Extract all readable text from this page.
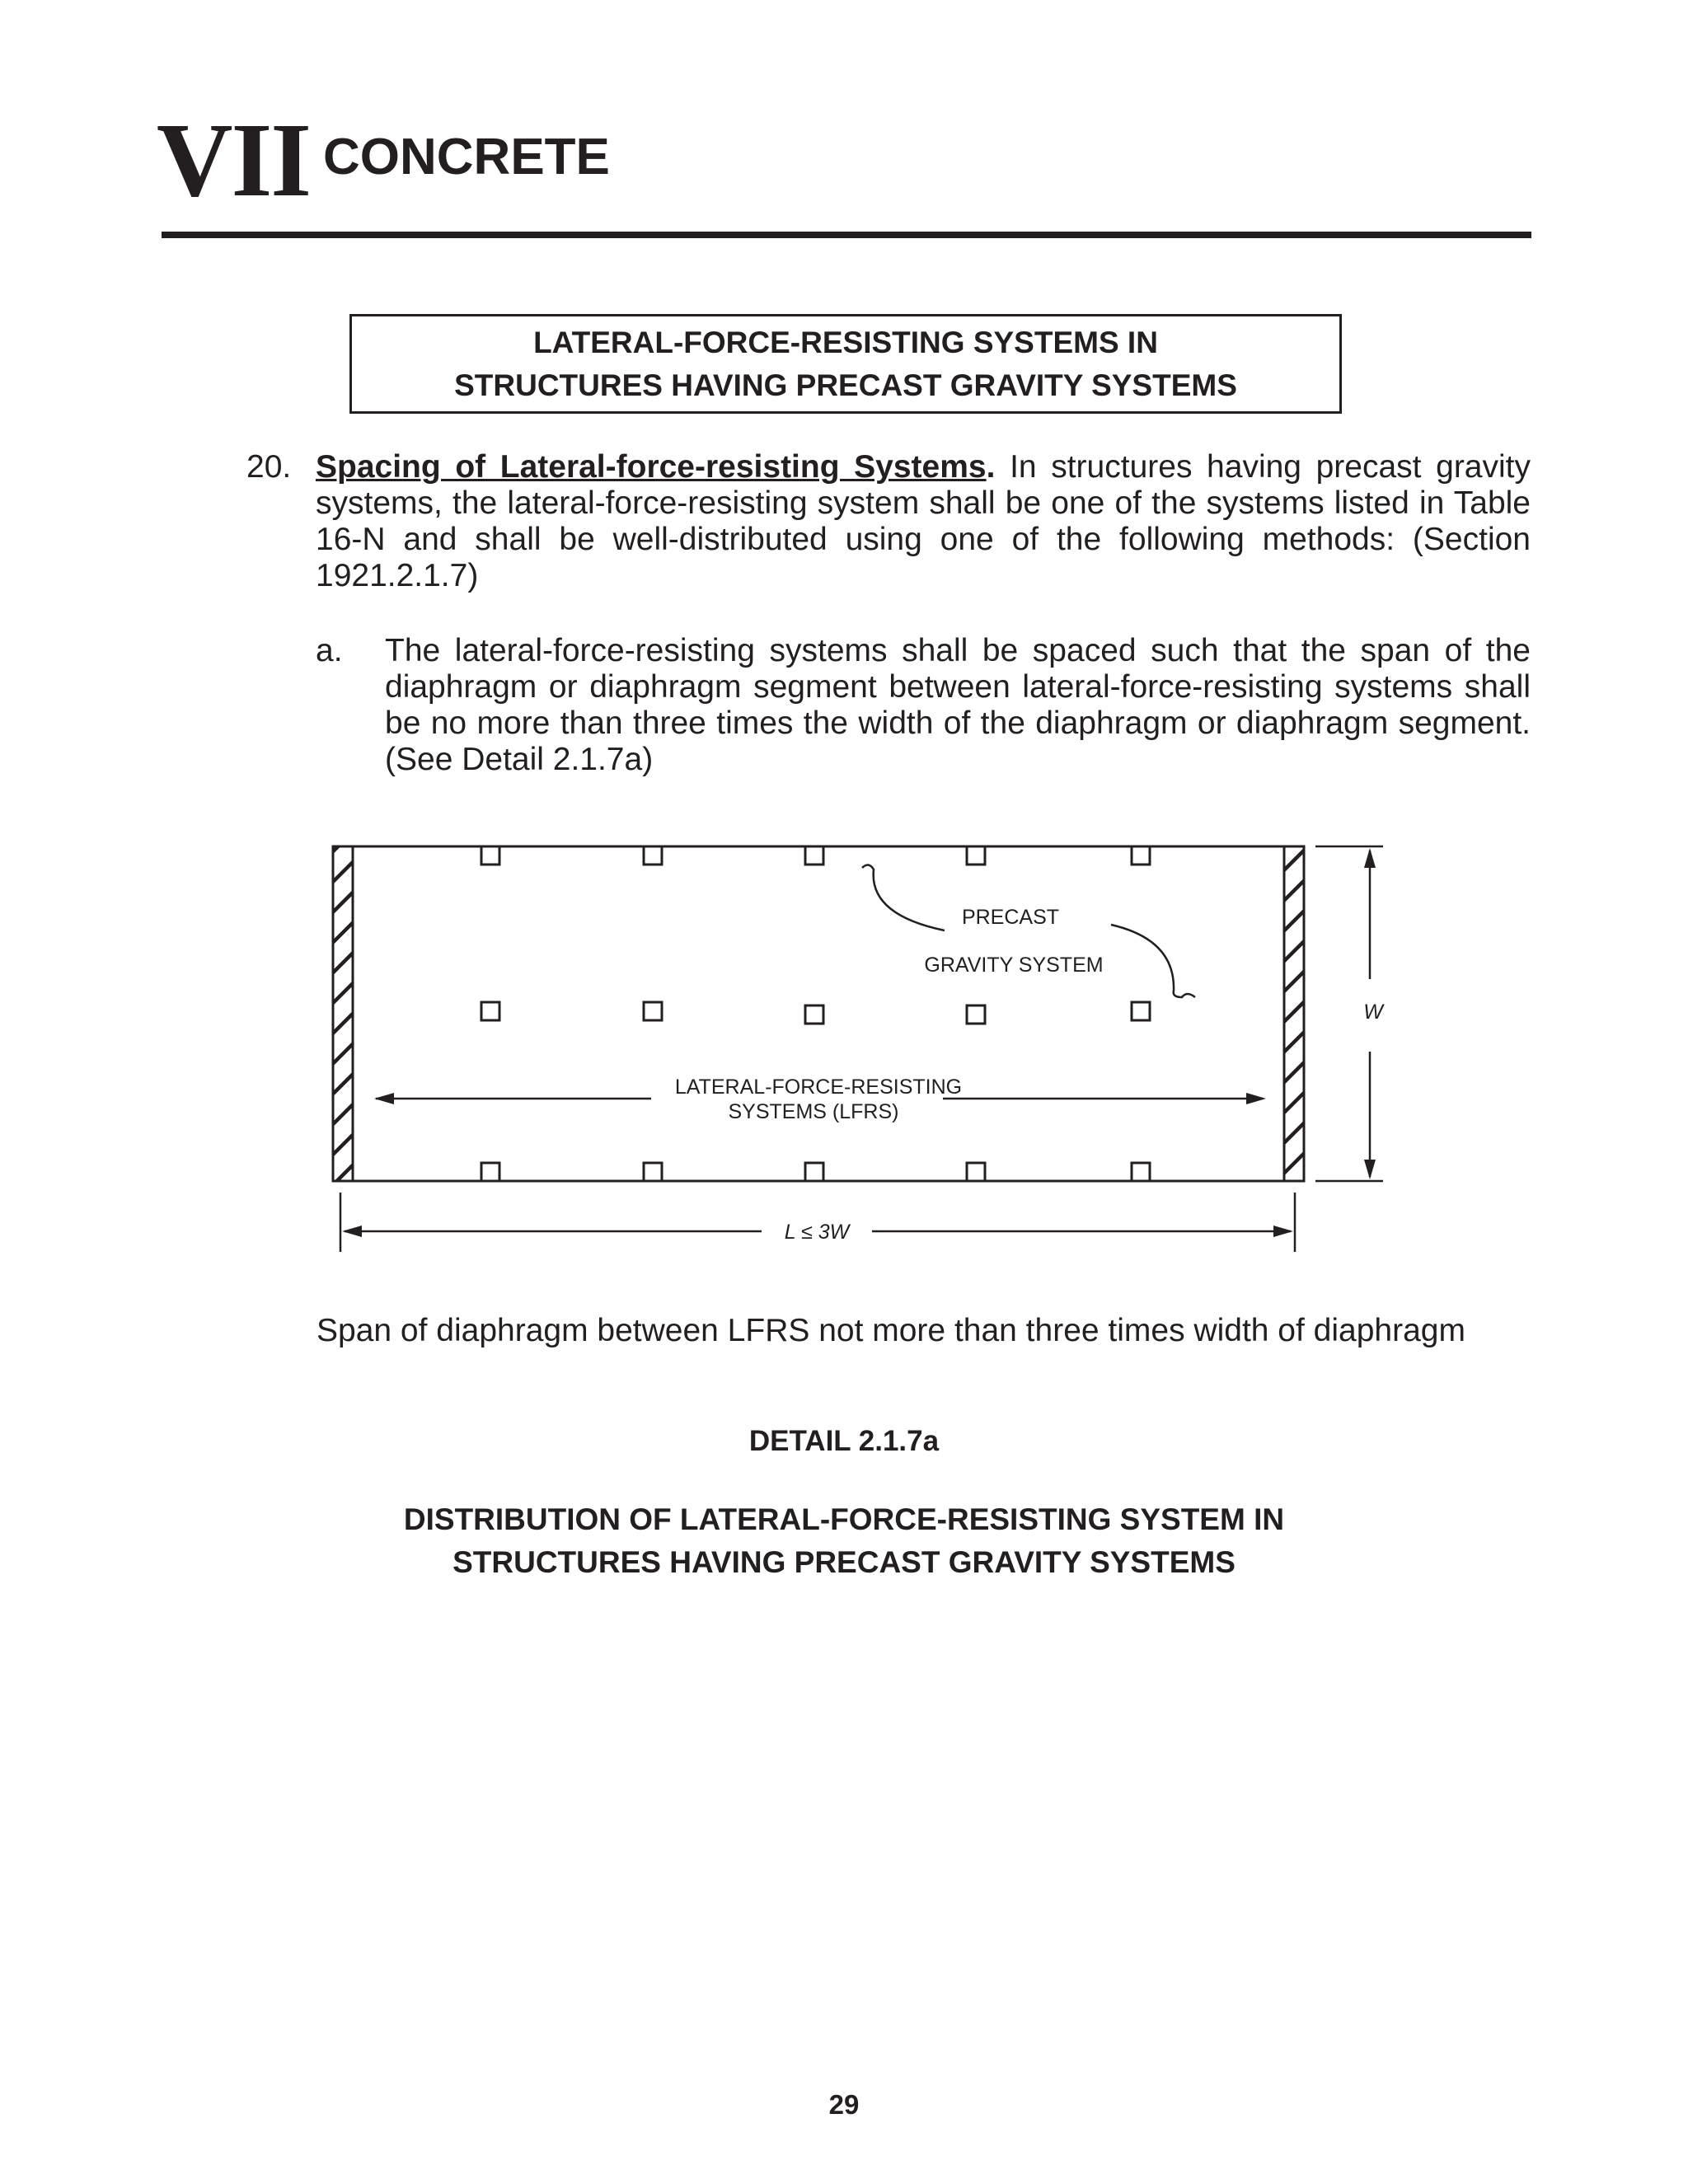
VII CONCRETE
LATERAL-FORCE-RESISTING SYSTEMS IN
STRUCTURES HAVING PRECAST GRAVITY SYSTEMS
20. Spacing of Lateral-force-resisting Systems. In structures having precast gravity systems, the lateral-force-resisting system shall be one of the systems listed in Table 16-N and shall be well-distributed using one of the following methods: (Section 1921.2.1.7)
a. The lateral-force-resisting systems shall be spaced such that the span of the diaphragm or diaphragm segment between lateral-force-resisting systems shall be no more than three times the width of the diaphragm or diaphragm segment. (See Detail 2.1.7a)
PRECAST
GRAVITY SYSTEM
LATERAL-FORCE-RESISTING
SYSTEMS (LFRS)
W
L ≤ 3W
Span of diaphragm between LFRS not more than three times width of diaphragm
DETAIL 2.1.7a
DISTRIBUTION OF LATERAL-FORCE-RESISTING SYSTEM IN
STRUCTURES HAVING PRECAST GRAVITY SYSTEMS
29
